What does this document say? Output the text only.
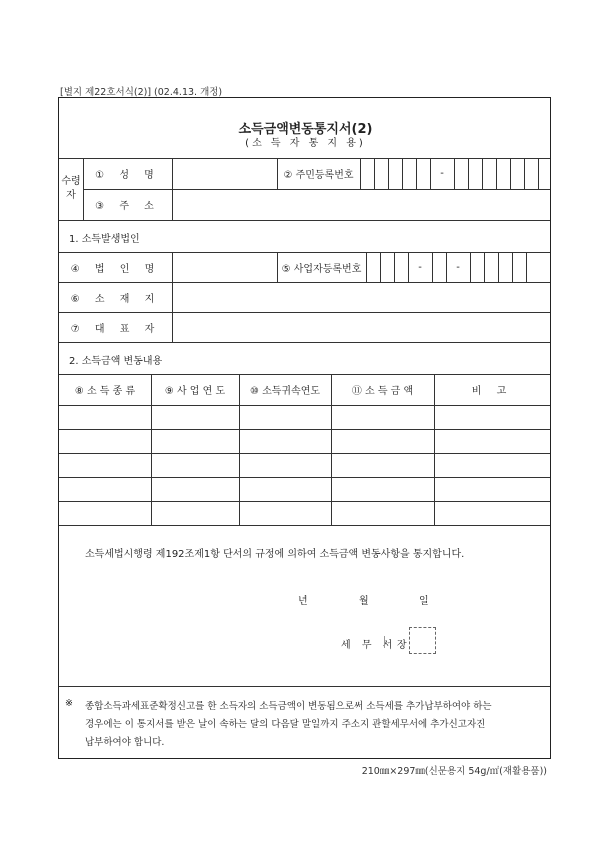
[별지 제22호서식(2)] (02.4.13. 개정)
소득금액변동통지서(2)
(소 득 자 통 지 용)
수령자
① 성 명	② 주민등록번호	-
③ 주 소
1. 소득발생법인
④ 법 인 명	⑤ 사업자등록번호	-	-
⑥ 소 재 지
⑦ 대 표 자
2. 소득금액 변동내용
⑧ 소 득 종 류	⑨ 사 업 연 도	⑩ 소득귀속연도	⑪ 소 득 금 액	비 고
소득세법시행령 제192조제1항 단서의 규정에 의하여 소득금액 변동사항을 통지합니다.
년	월	일
세 무 서 장
※ 종합소득과세표준확정신고를 한 소득자의 소득금액이 변동됨으로써 소득세를 추가납부하여야 하는
경우에는 이 통지서를 받은 날이 속하는 달의 다음달 말일까지 주소지 관할세무서에 추가신고자진
납부하여야 합니다.
210㎜×297㎜(신문용지 54g/㎡(재활용품))
